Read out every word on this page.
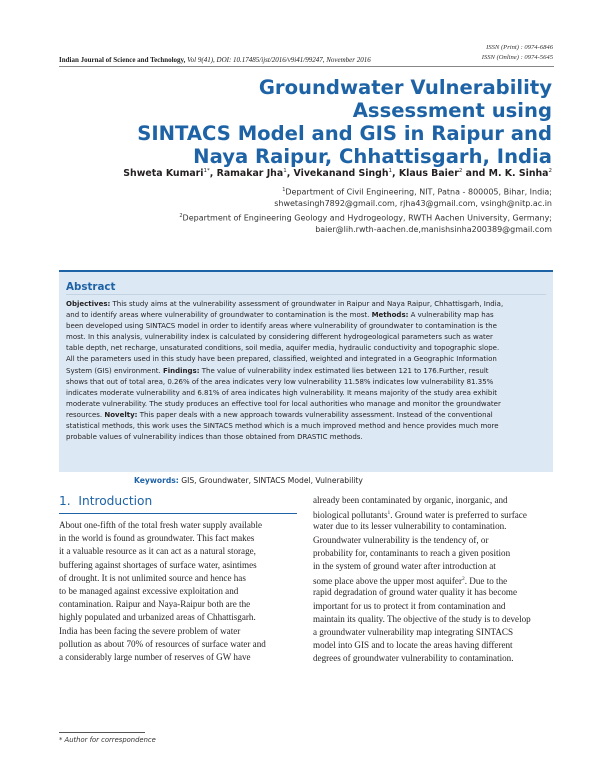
ISSN (Print) : 0974-6846
ISSN (Online) : 0974-5645
Indian Journal of Science and Technology, Vol 9(41), DOI: 10.17485/ijst/2016/v9i41/99247, November 2016
Groundwater Vulnerability Assessment using
SINTACS Model and GIS in Raipur and
Naya Raipur, Chhattisgarh, India
Shweta Kumari$^{1*}$, Ramakar Jha$^1$, Vivekanand Singh$^1$, Klaus Baier$^2$ and M. K. Sinha$^2$
$^1$Department of Civil Engineering, NIT, Patna - 800005, Bihar, India;
shwetasingh7892@gmail.com, rjha43@gmail.com, vsingh@nitp.ac.in
$^2$Department of Engineering Geology and Hydrogeology, RWTH Aachen University, Germany;
baier@lih.rwth-aachen.de,manishsinha200389@gmail.com
Abstract

Objectives: This study aims at the vulnerability assessment of groundwater in Raipur and Naya Raipur, Chhattisgarh, India,

and to identify areas where vulnerability of groundwater to contamination is the most. Methods: A vulnerability map has

been developed using SINTACS model in order to identify areas where vulnerability of groundwater to contamination is the

most. In this analysis, vulnerability index is calculated by considering different hydrogeological parameters such as water

table depth, net recharge, unsaturated conditions, soil media, aquifer media, hydraulic conductivity and topographic slope.

All the parameters used in this study have been prepared, classified, weighted and integrated in a Geographic Information

System (GIS) environment. Findings: The value of vulnerability index estimated lies between 121 to 176.Further, result

shows that out of total area, 0.26% of the area indicates very low vulnerability 11.58% indicates low vulnerability 81.35%

indicates moderate vulnerability and 6.81% of area indicates high vulnerability. It means majority of the study area exhibit

moderate vulnerability. The study produces an effective tool for local authorities who manage and monitor the groundwater

resources. Novelty: This paper deals with a new approach towards vulnerability assessment. Instead of the conventional

statistical methods, this work uses the SINTACS method which is a much improved method and hence provides much more

probable values of vulnerability indices than those obtained from DRASTIC methods.

Keywords: GIS, Groundwater, SINTACS Model, Vulnerability
1. Introduction

About one-fifth of the total fresh water supply available

in the world is found as groundwater. This fact makes

it a valuable resource as it can act as a natural storage,

buffering against shortages of surface water, asintimes

of drought. It is not unlimited source and hence has

to be managed against excessive exploitation and

contamination. Raipur and Naya-Raipur both are the

highly populated and urbanized areas of Chhattisgarh.

India has been facing the severe problem of water

pollution as about 70% of resources of surface water and

a considerably large number of reserves of GW have

already been contaminated by organic, inorganic, and

biological pollutants$^1$. Ground water is preferred to surface

water due to its lesser vulnerability to contamination.

Groundwater vulnerability is the tendency of, or

probability for, contaminants to reach a given position

in the system of ground water after introduction at

some place above the upper most aquifer$^2$. Due to the

rapid degradation of ground water quality it has become

important for us to protect it from contamination and

maintain its quality. The objective of the study is to develop

a groundwater vulnerability map integrating SINTACS

model into GIS and to locate the areas having different

degrees of groundwater vulnerability to contamination.

* Author for correspondence
